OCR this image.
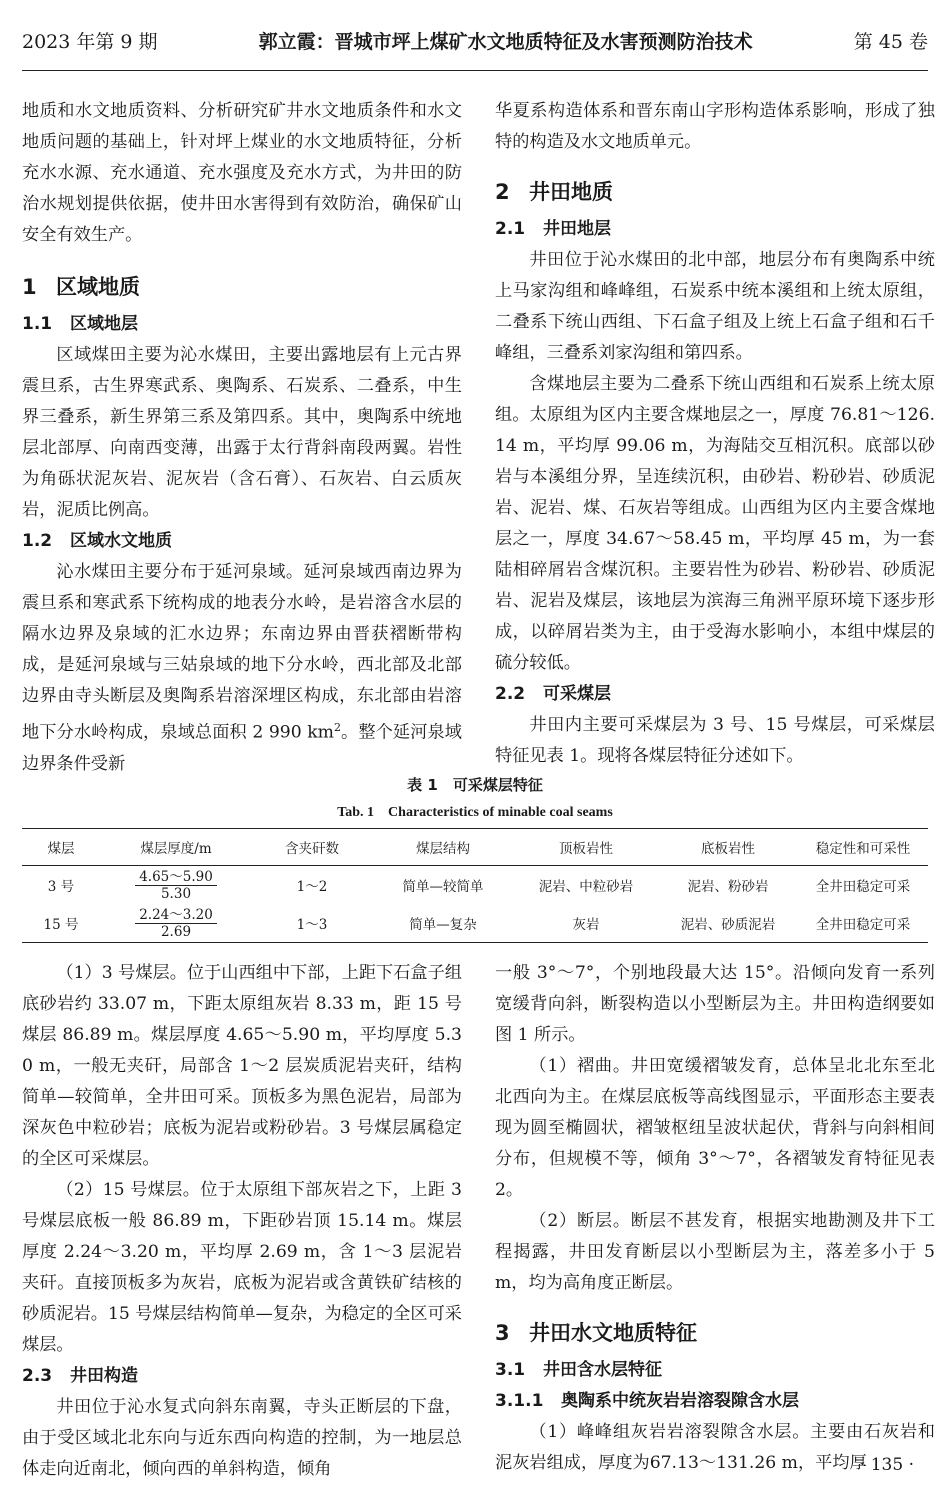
2023 年第 9 期	郭立霞：晋城市坪上煤矿水文地质特征及水害预测防治技术	第 45 卷

地质和水文地质资料、分析研究矿井水文地质条件和水文地质问题的基础上，针对坪上煤业的水文地质特征，分析充水水源、充水通道、充水强度及充水方式，为井田的防治水规划提供依据，使井田水害得到有效防治，确保矿山安全有效生产。

1 区域地质
1.1 区域地层

区域煤田主要为沁水煤田，主要出露地层有上元古界震旦系，古生界寒武系、奥陶系、石炭系、二叠系，中生界三叠系，新生界第三系及第四系。其中，奥陶系中统地层北部厚、向南西变薄，出露于太行背斜南段两翼。岩性为角砾状泥灰岩、泥灰岩（含石膏）、石灰岩、白云质灰岩，泥质比例高。

1.2 区域水文地质

沁水煤田主要分布于延河泉域。延河泉域西南边界为震旦系和寒武系下统构成的地表分水岭，是岩溶含水层的隔水边界及泉域的汇水边界；东南边界由晋获褶断带构成，是延河泉域与三姑泉域的地下分水岭，西北部及北部边界由寺头断层及奥陶系岩溶深埋区构成，东北部由岩溶地下分水岭构成，泉域总面积 2 990 $km^2$。整个延河泉域边界条件受新

华夏系构造体系和晋东南山字形构造体系影响，形成了独特的构造及水文地质单元。

2 井田地质
2.1 井田地层

井田位于沁水煤田的北中部，地层分布有奥陶系中统上马家沟组和峰峰组，石炭系中统本溪组和上统太原组，二叠系下统山西组、下石盒子组及上统上石盒子组和石千峰组，三叠系刘家沟组和第四系。

含煤地层主要为二叠系下统山西组和石炭系上统太原组。太原组为区内主要含煤地层之一，厚度 76.81～126.14 m，平均厚 99.06 m，为海陆交互相沉积。底部以砂岩与本溪组分界，呈连续沉积，由砂岩、粉砂岩、砂质泥岩、泥岩、煤、石灰岩等组成。山西组为区内主要含煤地层之一，厚度 34.67～58.45 m，平均厚 45 m，为一套陆相碎屑岩含煤沉积。主要岩性为砂岩、粉砂岩、砂质泥岩、泥岩及煤层，该地层为滨海三角洲平原环境下逐步形成，以碎屑岩类为主，由于受海水影响小，本组中煤层的硫分较低。

2.2 可采煤层

井田内主要可采煤层为 3 号、15 号煤层，可采煤层特征见表 1。现将各煤层特征分述如下。

表 1　可采煤层特征
Tab. 1　Characteristics of minable coal seams
煤层	煤层厚度/m	含夹矸数	煤层结构	顶板岩性	底板岩性	稳定性和可采性
3 号	$\frac{4.65\sim 5.90}{5.30}$	1～2	简单—较简单	泥岩、中粒砂岩	泥岩、粉砂岩	全井田稳定可采
15 号	$\frac{2.24\sim 3.20}{2.69}$	1～3	简单—复杂	灰岩	泥岩、砂质泥岩	全井田稳定可采

（1）3 号煤层。位于山西组中下部，上距下石盒子组底砂岩约 33.07 m，下距太原组灰岩 8.33 m，距 15 号煤层 86.89 m。煤层厚度 4.65～5.90 m，平均厚度 5.30 m，一般无夹矸，局部含 1～2 层炭质泥岩夹矸，结构简单—较简单，全井田可采。顶板多为黑色泥岩，局部为深灰色中粒砂岩；底板为泥岩或粉砂岩。3 号煤层属稳定的全区可采煤层。

（2）15 号煤层。位于太原组下部灰岩之下，上距 3 号煤层底板一般 86.89 m，下距砂岩顶 15.14 m。煤层厚度 2.24～3.20 m，平均厚 2.69 m，含 1～3 层泥岩夹矸。直接顶板多为灰岩，底板为泥岩或含黄铁矿结核的砂质泥岩。15 号煤层结构简单—复杂，为稳定的全区可采煤层。

2.3 井田构造

井田位于沁水复式向斜东南翼，寺头正断层的下盘，由于受区域北北东向与近东西向构造的控制，为一地层总体走向近南北，倾向西的单斜构造，倾角

一般 3°～7°，个别地段最大达 15°。沿倾向发育一系列宽缓背向斜，断裂构造以小型断层为主。井田构造纲要如图 1 所示。

（1）褶曲。井田宽缓褶皱发育，总体呈北北东至北北西向为主。在煤层底板等高线图显示，平面形态主要表现为圆至椭圆状，褶皱枢纽呈波状起伏，背斜与向斜相间分布，但规模不等，倾角 3°～7°，各褶皱发育特征见表 2。

（2）断层。断层不甚发育，根据实地勘测及井下工程揭露，井田发育断层以小型断层为主，落差多小于 5 m，均为高角度正断层。

3 井田水文地质特征
3.1 井田含水层特征
3.1.1 奥陶系中统灰岩岩溶裂隙含水层

（1）峰峰组灰岩岩溶裂隙含水层。主要由石灰岩和泥灰岩组成，厚度为67.13～131.26 m，平均厚

· 135 ·
